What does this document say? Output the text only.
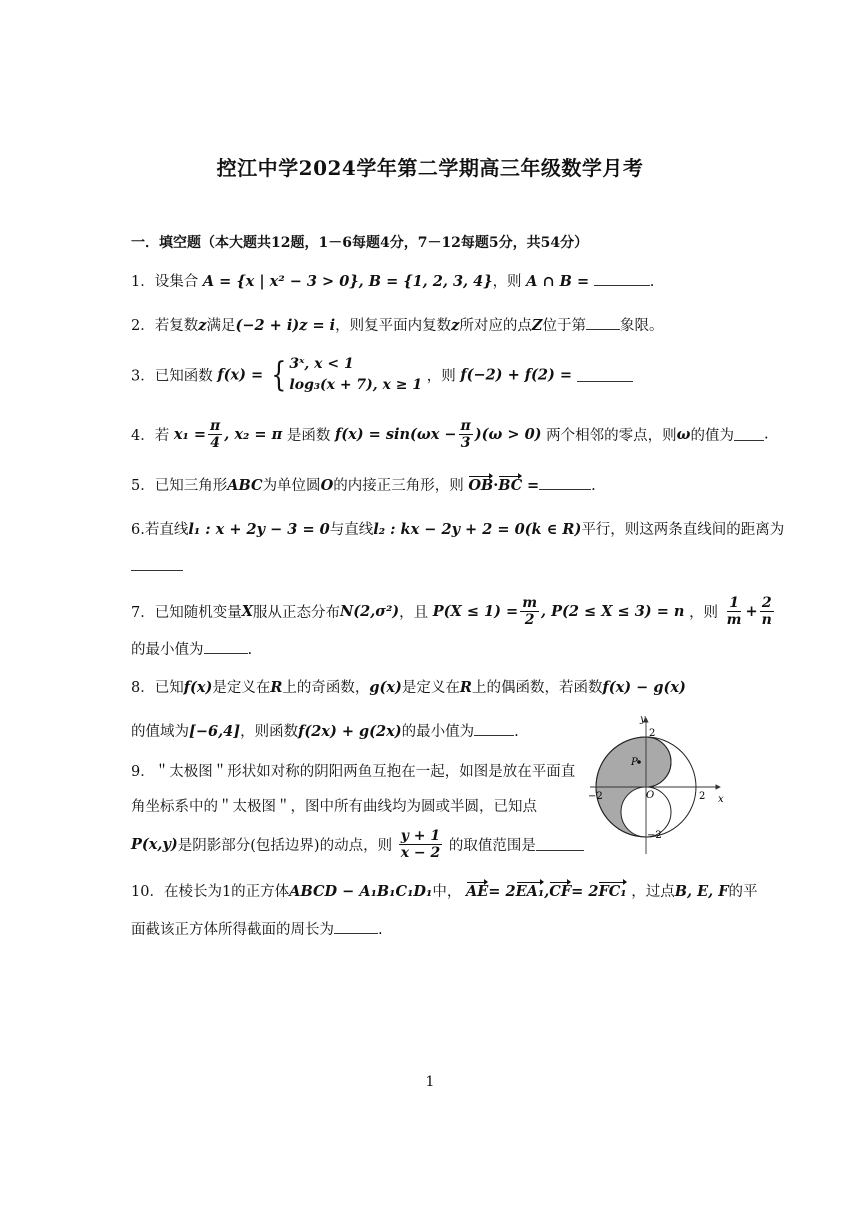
控江中学2024学年第二学期高三年级数学月考
一．填空题（本大题共12题，1－6每题4分，7－12每题5分，共54分）
1．设集合 A = {x | x² − 3 > 0}, B = {1, 2, 3, 4}，则 A ∩ B =	.
2．若复数z满足(−2 + i)z = i，则复平面内复数z所对应的点Z位于第 象限。
3．已知函数 f(x) = { 3ˣ, x < 1
log₃(x + 7), x ≥ 1 ，则 f(−2) + f(2) =
4．若 $x_1 = \frac{\pi}{4}$ , x₂ = π 是函数 $f(x) = \sin(\omega x - \frac{\pi}{3} )(\omega > 0)$ 两个相邻的零点，则ω的值为 .
5．已知三角形ABC为单位圆O的内接正三角形，则 OB·BC =	.
6.若直线l₁ : x + 2y − 3 = 0与直线l₂ : kx − 2y + 2 = 0(k ∈ R)平行，则这两条直线间的距离为
7．已知随机变量X服从正态分布N(2,σ²)，且 $P(X \le 1) = \frac{m}{2}$ , P(2 ≤ X ≤ 3) = n ，则 $\frac{1}{m} + \frac{2}{n}$
的最小值为	.
8．已知f(x)是定义在R上的奇函数，g(x)是定义在R上的偶函数，若函数f(x) − g(x)
的值域为[−6,4]，则函数f(2x) + g(2x)的最小值为	.
9．＂太极图＂形状如对称的阴阳两鱼互抱在一起，如图是放在平面直
角坐标系中的＂太极图＂，图中所有曲线均为圆或半圆，已知点
P(x,y)是阴影部分(包括边界)的动点，则 $\frac{y + 1}{x - 2}$ 的取值范围是
P
y
x
O
2
−2
−2	2
10．在棱长为1的正方体ABCD − A₁B₁C₁D₁中， AE= 2EA₁,CF= 2FC₁ ，过点B, E, F的平
面截该正方体所得截面的周长为	.
1
